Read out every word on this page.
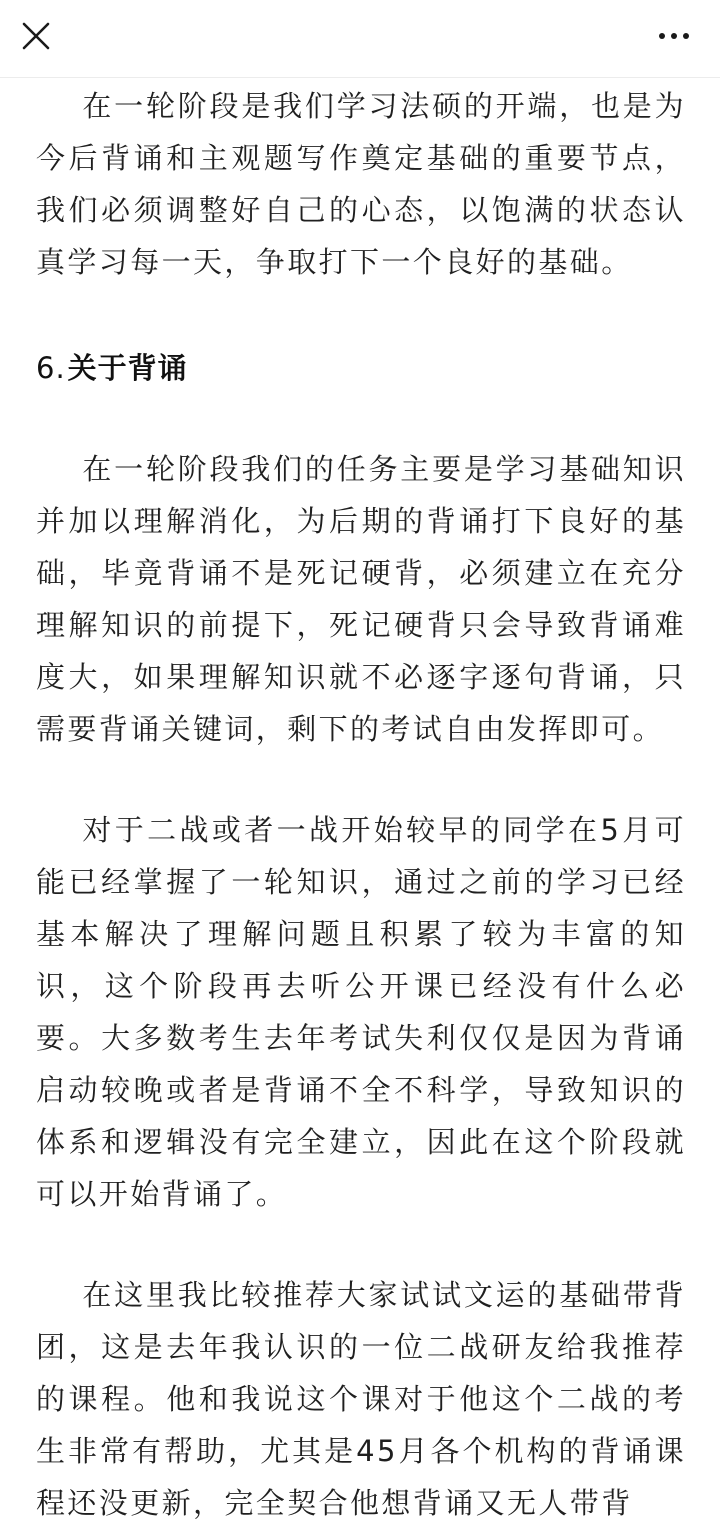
在一轮阶段是我们学习法硕的开端，也是为今后背诵和主观题写作奠定基础的重要节点，我们必须调整好自己的心态，以饱满的状态认真学习每一天，争取打下一个良好的基础。

6.关于背诵

在一轮阶段我们的任务主要是学习基础知识并加以理解消化，为后期的背诵打下良好的基础，毕竟背诵不是死记硬背，必须建立在充分理解知识的前提下，死记硬背只会导致背诵难度大，如果理解知识就不必逐字逐句背诵，只需要背诵关键词，剩下的考试自由发挥即可。

对于二战或者一战开始较早的同学在5月可能已经掌握了一轮知识，通过之前的学习已经基本解决了理解问题且积累了较为丰富的知识，这个阶段再去听公开课已经没有什么必要。大多数考生去年考试失利仅仅是因为背诵启动较晚或者是背诵不全不科学，导致知识的体系和逻辑没有完全建立，因此在这个阶段就可以开始背诵了。

在这里我比较推荐大家试试文运的基础带背团，这是去年我认识的一位二战研友给我推荐的课程。他和我说这个课对于他这个二战的考生非常有帮助，尤其是45月各个机构的背诵课程还没更新，完全契合他想背诵又无人带背
